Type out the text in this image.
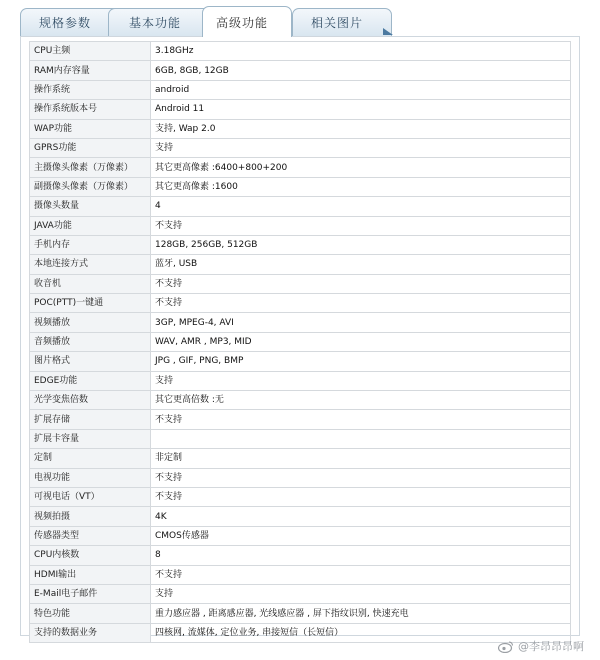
规格参数	基本功能	高级功能	相关图片
CPU主频	3.18GHz
RAM内存容量	6GB, 8GB, 12GB
操作系统	android
操作系统版本号	Android 11
WAP功能	支持, Wap 2.0
GPRS功能	支持
主摄像头像素（万像素）	其它更高像素 :6400+800+200
副摄像头像素（万像素）	其它更高像素 :1600
摄像头数量	4
JAVA功能	不支持
手机内存	128GB, 256GB, 512GB
本地连接方式	蓝牙, USB
收音机	不支持
POC(PTT)一键通	不支持
视频播放	3GP, MPEG-4, AVI
音频播放	WAV, AMR , MP3, MID
图片格式	JPG , GIF, PNG, BMP
EDGE功能	支持
光学变焦倍数	其它更高倍数 :无
扩展存储	不支持
扩展卡容量	
定制	非定制
电视功能	不支持
可视电话（VT）	不支持
视频拍摄	4K
传感器类型	CMOS传感器
CPU内核数	8
HDMI输出	不支持
E-Mail电子邮件	支持
特色功能	重力感应器 , 距离感应器, 光线感应器 , 屏下指纹识别, 快速充电
支持的数据业务	四核网, 流媒体, 定位业务, 串接短信（长短信）
@李昂昂昂啊
